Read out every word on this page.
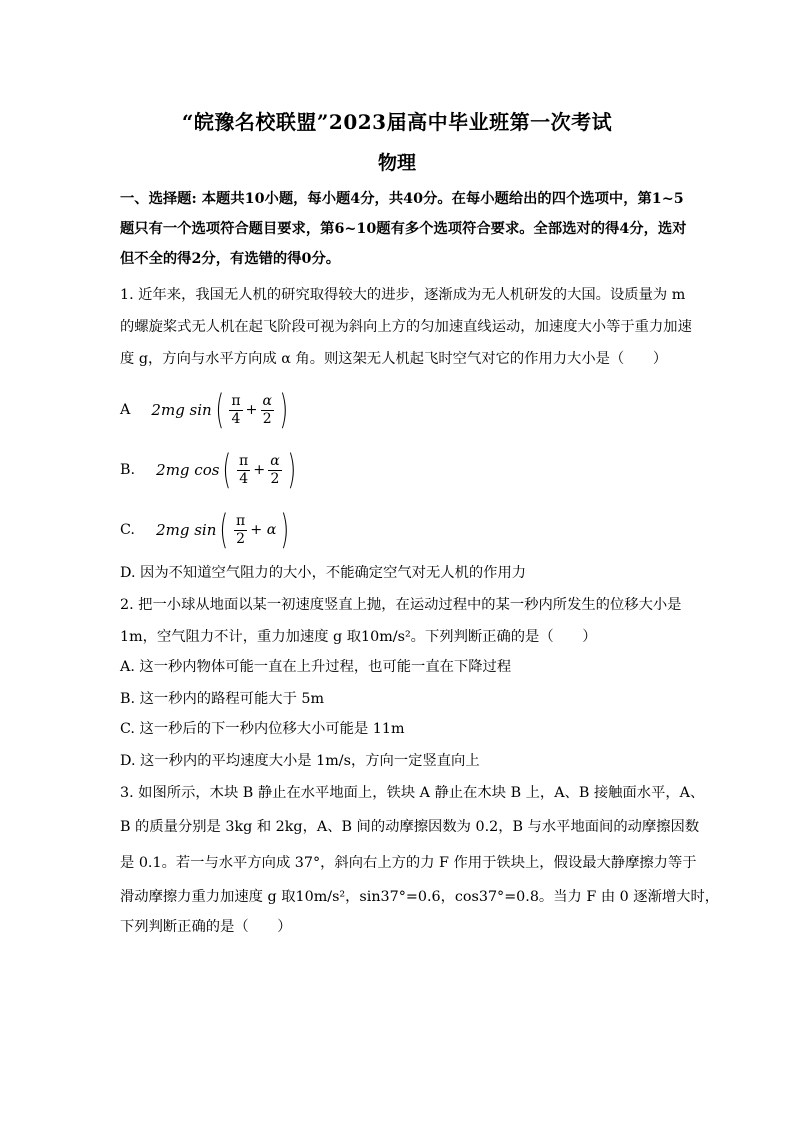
“皖豫名校联盟”2023届高中毕业班第一次考试
物理
一、选择题: 本题共10小题，每小题4分，共40分。在每小题给出的四个选项中，第1~5
题只有一个选项符合题目要求，第6~10题有多个选项符合要求。全部选对的得4分，选对
但不全的得2分，有选错的得0分。
1. 近年来，我国无人机的研究取得较大的进步，逐渐成为无人机研发的大国。设质量为 m
的螺旋桨式无人机在起飞阶段可视为斜向上方的匀加速直线运动，加速度大小等于重力加速
度 g，方向与水平方向成 α 角。则这架无人机起飞时空气对它的作用力大小是（　　）
A 2mg $\sin( \frac{\pi}{4} + \frac{\alpha}{2}$ )
B. 2mg $\cos( \frac{\pi}{4} + \frac{\alpha}{2}$ )
C. 2mg $\sin( \frac{\pi}{2} + \alpha$ )
D. 因为不知道空气阻力的大小，不能确定空气对无人机的作用力
2. 把一小球从地面以某一初速度竖直上抛，在运动过程中的某一秒内所发生的位移大小是
1m，空气阻力不计，重力加速度 g 取10m/s²。下列判断正确的是（　　）
A. 这一秒内物体可能一直在上升过程，也可能一直在下降过程
B. 这一秒内的路程可能大于 5m
C. 这一秒后的下一秒内位移大小可能是 11m
D. 这一秒内的平均速度大小是 1m/s，方向一定竖直向上
3. 如图所示，木块 B 静止在水平地面上，铁块 A 静止在木块 B 上，A、B 接触面水平，A、
B 的质量分别是 3kg 和 2kg，A、B 间的动摩擦因数为 0.2，B 与水平地面间的动摩擦因数
是 0.1。若一与水平方向成 37°，斜向右上方的力 F 作用于铁块上，假设最大静摩擦力等于
滑动摩擦力重力加速度 g 取10m/s²，sin37°=0.6，cos37°=0.8。当力 F 由 0 逐渐增大时，
下列判断正确的是（　　）
